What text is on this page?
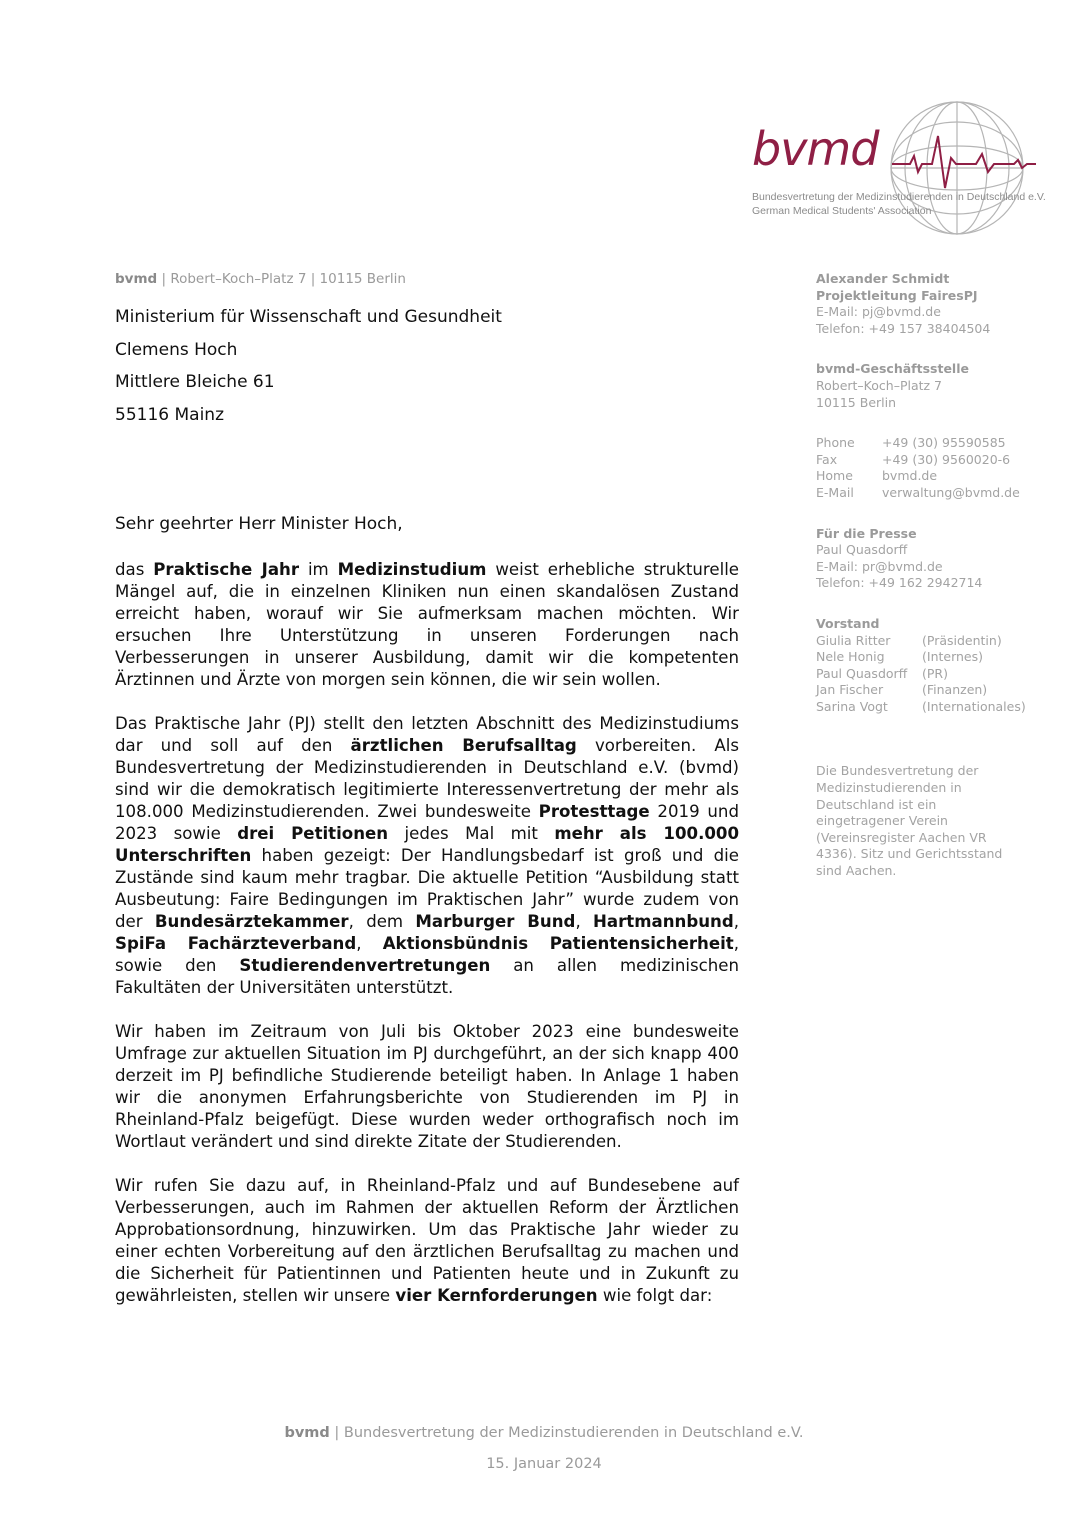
bvmd
Bundesvertretung der Medizinstudierenden in Deutschland e.V.
German Medical Students' Association
bvmd | Robert–Koch–Platz 7 | 10115 Berlin
Ministerium für Wissenschaft und Gesundheit
Clemens Hoch
Mittlere Bleiche 61
55116 Mainz
Alexander Schmidt
Projektleitung FairesPJ
E-Mail: pj@bvmd.de
Telefon: +49 157 38404504
bvmd-Geschäftsstelle
Robert–Koch–Platz 7
10115 Berlin
Phone	+49 (30) 95590585
Fax	+49 (30) 9560020-6
Home	bvmd.de
E-Mail	verwaltung@bvmd.de
Für die Presse
Paul Quasdorff
E-Mail: pr@bvmd.de
Telefon: +49 162 2942714
Vorstand
Giulia Ritter	(Präsidentin)
Nele Honig	(Internes)
Paul Quasdorff	(PR)
Jan Fischer	(Finanzen)
Sarina Vogt	(Internationales)
Die Bundesvertretung der Medizinstudierenden in Deutschland ist ein eingetragener Verein (Vereinsregister Aachen VR 4336). Sitz und Gerichtsstand sind Aachen.
Sehr geehrter Herr Minister Hoch,
das Praktische Jahr im Medizinstudium weist erhebliche strukturelle Mängel auf, die in einzelnen Kliniken nun einen skandalösen Zustand erreicht haben, worauf wir Sie aufmerksam machen möchten. Wir ersuchen Ihre Unterstützung in unseren Forderungen nach Verbesserungen in unserer Ausbildung, damit wir die kompetenten Ärztinnen und Ärzte von morgen sein können, die wir sein wollen.
Das Praktische Jahr (PJ) stellt den letzten Abschnitt des Medizinstudiums dar und soll auf den ärztlichen Berufsalltag vorbereiten. Als Bundesvertretung der Medizinstudierenden in Deutschland e.V. (bvmd) sind wir die demokratisch legitimierte Interessenvertretung der mehr als 108.000 Medizinstudierenden. Zwei bundesweite Protesttage 2019 und 2023 sowie drei Petitionen jedes Mal mit mehr als 100.000 Unterschriften haben gezeigt: Der Handlungsbedarf ist groß und die Zustände sind kaum mehr tragbar. Die aktuelle Petition “Ausbildung statt Ausbeutung: Faire Bedingungen im Praktischen Jahr” wurde zudem von der Bundesärztekammer, dem Marburger Bund, Hartmannbund, SpiFa Fachärzteverband, Aktionsbündnis Patientensicherheit, sowie den Studierendenvertretungen an allen medizinischen Fakultäten der Universitäten unterstützt.
Wir haben im Zeitraum von Juli bis Oktober 2023 eine bundesweite Umfrage zur aktuellen Situation im PJ durchgeführt, an der sich knapp 400 derzeit im PJ befindliche Studierende beteiligt haben. In Anlage 1 haben wir die anonymen Erfahrungsberichte von Studierenden im PJ in Rheinland-Pfalz beigefügt. Diese wurden weder orthografisch noch im Wortlaut verändert und sind direkte Zitate der Studierenden.
Wir rufen Sie dazu auf, in Rheinland-Pfalz und auf Bundesebene auf Verbesserungen, auch im Rahmen der aktuellen Reform der Ärztlichen Approbationsordnung, hinzuwirken. Um das Praktische Jahr wieder zu einer echten Vorbereitung auf den ärztlichen Berufsalltag zu machen und die Sicherheit für Patientinnen und Patienten heute und in Zukunft zu gewährleisten, stellen wir unsere vier Kernforderungen wie folgt dar:
bvmd | Bundesvertretung der Medizinstudierenden in Deutschland e.V.
15. Januar 2024
